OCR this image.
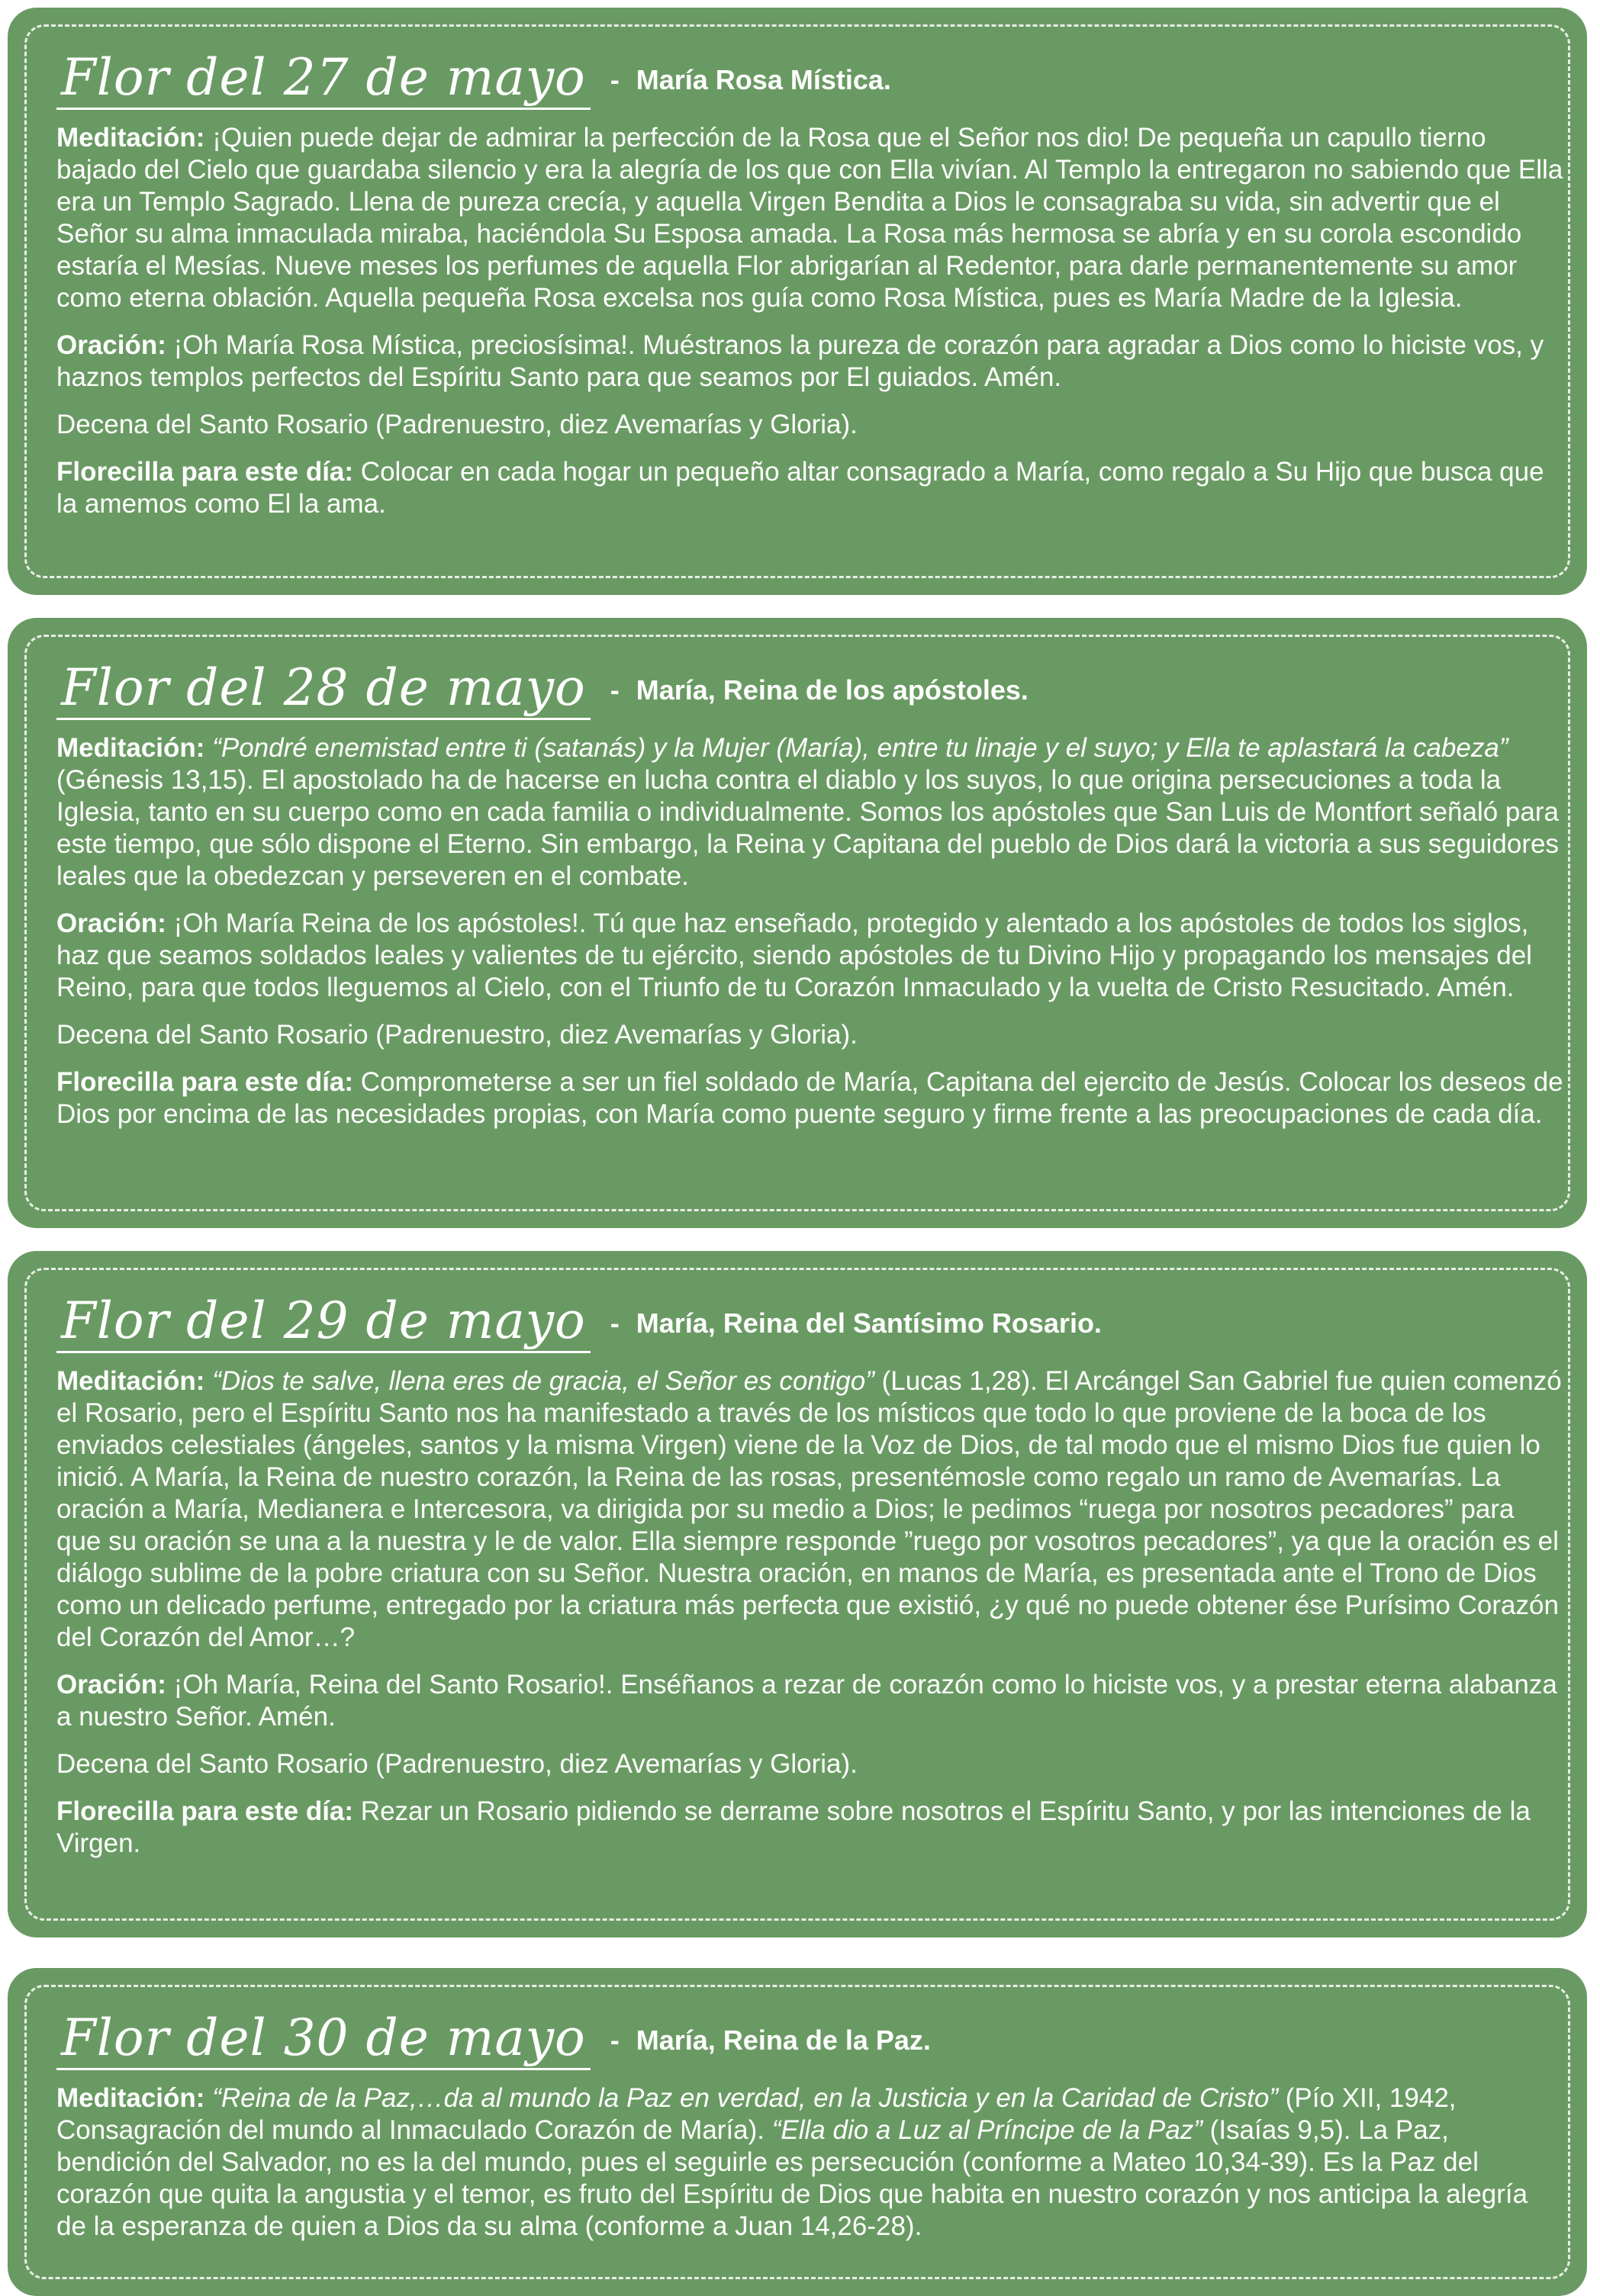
Flor del 27 de mayo - María Rosa Mística.

Meditación: ¡Quien puede dejar de admirar la perfección de la Rosa que el Señor nos dio! De pequeña un capullo tierno bajado del Cielo que guardaba silencio y era la alegría de los que con Ella vivían. Al Templo la entregaron no sabiendo que Ella era un Templo Sagrado. Llena de pureza crecía, y aquella Virgen Bendita a Dios le consagraba su vida, sin advertir que el Señor su alma inmaculada miraba, haciéndola Su Esposa amada. La Rosa más hermosa se abría y en su corola escondido estaría el Mesías. Nueve meses los perfumes de aquella Flor abrigarían al Redentor, para darle permanentemente su amor como eterna oblación. Aquella pequeña Rosa excelsa nos guía como Rosa Mística, pues es María Madre de la Iglesia.

Oración: ¡Oh María Rosa Mística, preciosísima!. Muéstranos la pureza de corazón para agradar a Dios como lo hiciste vos, y haznos templos perfectos del Espíritu Santo para que seamos por El guiados. Amén.

Decena del Santo Rosario (Padrenuestro, diez Avemarías y Gloria).

Florecilla para este día: Colocar en cada hogar un pequeño altar consagrado a María, como regalo a Su Hijo que busca que la amemos como El la ama.

Flor del 28 de mayo - María, Reina de los apóstoles.

Meditación: “Pondré enemistad entre ti (satanás) y la Mujer (María), entre tu linaje y el suyo; y Ella te aplastará la cabeza” (Génesis 13,15). El apostolado ha de hacerse en lucha contra el diablo y los suyos, lo que origina persecuciones a toda la Iglesia, tanto en su cuerpo como en cada familia o individualmente. Somos los apóstoles que San Luis de Montfort señaló para este tiempo, que sólo dispone el Eterno. Sin embargo, la Reina y Capitana del pueblo de Dios dará la victoria a sus seguidores leales que la obedezcan y perseveren en el combate.

Oración: ¡Oh María Reina de los apóstoles!. Tú que haz enseñado, protegido y alentado a los apóstoles de todos los siglos, haz que seamos soldados leales y valientes de tu ejército, siendo apóstoles de tu Divino Hijo y propagando los mensajes del Reino, para que todos lleguemos al Cielo, con el Triunfo de tu Corazón Inmaculado y la vuelta de Cristo Resucitado. Amén.

Decena del Santo Rosario (Padrenuestro, diez Avemarías y Gloria).

Florecilla para este día: Comprometerse a ser un fiel soldado de María, Capitana del ejercito de Jesús. Colocar los deseos de Dios por encima de las necesidades propias, con María como puente seguro y firme frente a las preocupaciones de cada día.

Flor del 29 de mayo - María, Reina del Santísimo Rosario.

Meditación: “Dios te salve, llena eres de gracia, el Señor es contigo” (Lucas 1,28). El Arcángel San Gabriel fue quien comenzó el Rosario, pero el Espíritu Santo nos ha manifestado a través de los místicos que todo lo que proviene de la boca de los enviados celestiales (ángeles, santos y la misma Virgen) viene de la Voz de Dios, de tal modo que el mismo Dios fue quien lo inició. A María, la Reina de nuestro corazón, la Reina de las rosas, presentémosle como regalo un ramo de Avemarías. La oración a María, Medianera e Intercesora, va dirigida por su medio a Dios; le pedimos “ruega por nosotros pecadores” para que su oración se una a la nuestra y le de valor. Ella siempre responde ”ruego por vosotros pecadores”, ya que la oración es el diálogo sublime de la pobre criatura con su Señor. Nuestra oración, en manos de María, es presentada ante el Trono de Dios como un delicado perfume, entregado por la criatura más perfecta que existió, ¿y qué no puede obtener ése Purísimo Corazón del Corazón del Amor…?

Oración: ¡Oh María, Reina del Santo Rosario!. Enséñanos a rezar de corazón como lo hiciste vos, y a prestar eterna alabanza a nuestro Señor. Amén.

Decena del Santo Rosario (Padrenuestro, diez Avemarías y Gloria).

Florecilla para este día: Rezar un Rosario pidiendo se derrame sobre nosotros el Espíritu Santo, y por las intenciones de la Virgen.

Flor del 30 de mayo - María, Reina de la Paz.

Meditación: “Reina de la Paz,…da al mundo la Paz en verdad, en la Justicia y en la Caridad de Cristo” (Pío XII, 1942, Consagración del mundo al Inmaculado Corazón de María). “Ella dio a Luz al Príncipe de la Paz” (Isaías 9,5). La Paz, bendición del Salvador, no es la del mundo, pues el seguirle es persecución (conforme a Mateo 10,34-39). Es la Paz del corazón que quita la angustia y el temor, es fruto del Espíritu de Dios que habita en nuestro corazón y nos anticipa la alegría de la esperanza de quien a Dios da su alma (conforme a Juan 14,26-28).
